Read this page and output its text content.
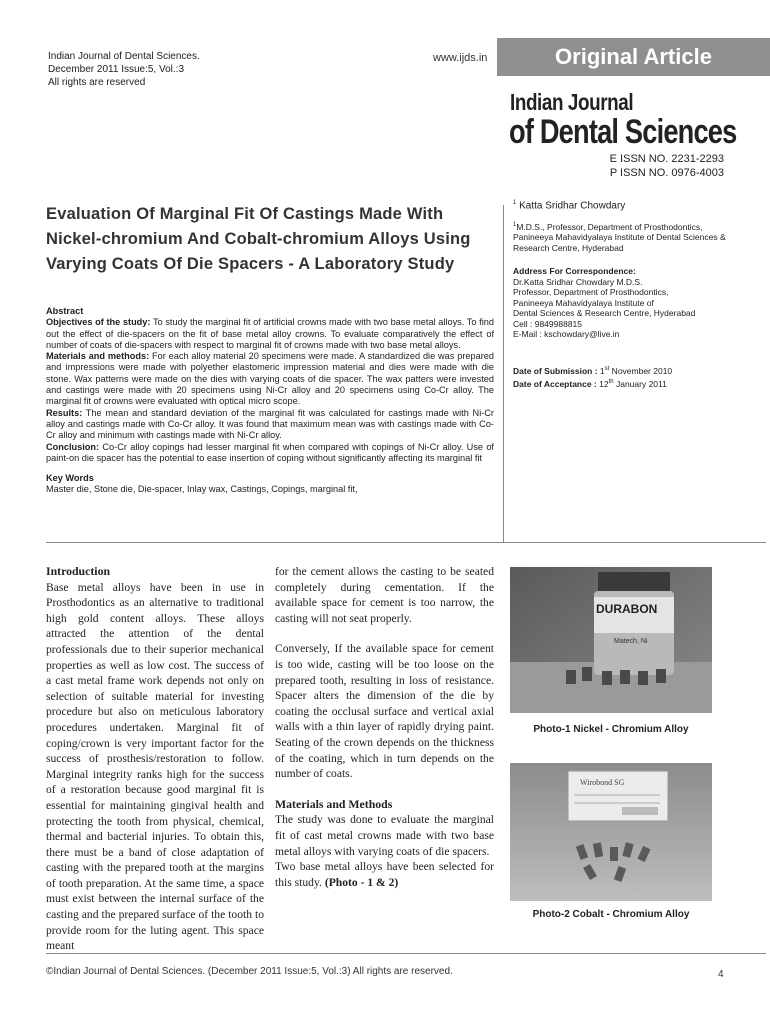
Indian Journal of Dental Sciences.
December 2011 Issue:5, Vol.:3
All rights are reserved
www.ijds.in	Original Article
Indian Journal
of Dental Sciences
E ISSN NO. 2231-2293
P ISSN NO. 0976-4003
Evaluation Of Marginal Fit Of Castings Made With Nickel-chromium And Cobalt-chromium Alloys Using Varying Coats Of Die Spacers - A Laboratory Study
Abstract
Objectives of the study: To study the marginal fit of artificial crowns made with two base metal alloys. To find out the effect of die-spacers on the fit of base metal alloy crowns. To evaluate comparatively the effect of number of coats of die-spacers with respect to marginal fit of crowns made with two base metal alloys.
Materials and methods: For each alloy material 20 specimens were made. A standardized die was prepared and impressions were made with polyether elastomeric impression material and dies were made with die stone. Wax patterns were made on the dies with varying coats of die spacer. The wax patters were invested and castings were made with 20 specimens using Ni-Cr alloy and 20 specimens using Co-Cr alloy. The marginal fit of crowns were evaluated with optical micro scope.
Results: The mean and standard deviation of the marginal fit was calculated for castings made with Ni-Cr alloy and castings made with Co-Cr alloy. It was found that maximum mean was with castings made with Co-Cr alloy and minimum with castings made with Ni-Cr alloy.
Conclusion: Co-Cr alloy copings had lesser marginal fit when compared with copings of Ni-Cr alloy. Use of paint-on die spacer has the potential to ease insertion of coping without significantly affecting its marginal fit
Key Words
Master die, Stone die, Die-spacer, Inlay wax, Castings, Copings, marginal fit,
$^1$ Katta Sridhar Chowdary
$^1$M.D.S., Professor, Department of Prosthodontics, Panineeya Mahavidyalaya Institute of Dental Sciences & Research Centre, Hyderabad
Address For Correspondence:
Dr.Katta Sridhar Chowdary M.D.S.
Professor, Department of Prosthodontics,
Panineeya Mahavidyalaya Institute of
Dental Sciences & Research Centre, Hyderabad
Cell : 9849988815
E-Mail : kschowdary@live.in
Date of Submission : 1st November 2010
Date of Acceptance : 12th January 2011
Introduction

Base metal alloys have been in use in Prosthodontics as an alternative to traditional high gold content alloys. These alloys attracted the attention of the dental professionals due to their superior mechanical properties as well as low cost. The success of a cast metal frame work depends not only on selection of suitable material for investing procedure but also on meticulous laboratory procedures undertaken. Marginal fit of coping/crown is very important factor for the success of prosthesis/restoration to follow. Marginal integrity ranks high for the success of a restoration because good marginal fit is essential for maintaining gingival health and protecting the tooth from physical, chemical, thermal and bacterial injuries. To obtain this, there must be a band of close adaptation of casting with the prepared tooth at the margins of tooth preparation. At the same time, a space must exist between the internal surface of the casting and the prepared surface of the tooth to provide room for the luting agent. This space meant

for the cement allows the casting to be seated completely during cementation. If the available space for cement is too narrow, the casting will not seat properly.

Conversely, If the available space for cement is too wide, casting will be too loose on the prepared tooth, resulting in loss of resistance. Spacer alters the dimension of the die by coating the occlusal surface and vertical axial walls with a thin layer of rapidly drying paint. Seating of the crown depends on the thickness of the coating, which in turn depends on the number of coats.

Materials and Methods

The study was done to evaluate the marginal fit of cast metal crowns made with two base metal alloys with varying coats of die spacers.

Two base metal alloys have been selected for this study. (Photo - 1 & 2)

DURABON
Matech, Ni
Photo-1 Nickel - Chromium Alloy
Wirobond SG
Photo-2 Cobalt - Chromium Alloy
©Indian Journal of Dental Sciences. (December 2011 Issue:5, Vol.:3) All rights are reserved.	4
